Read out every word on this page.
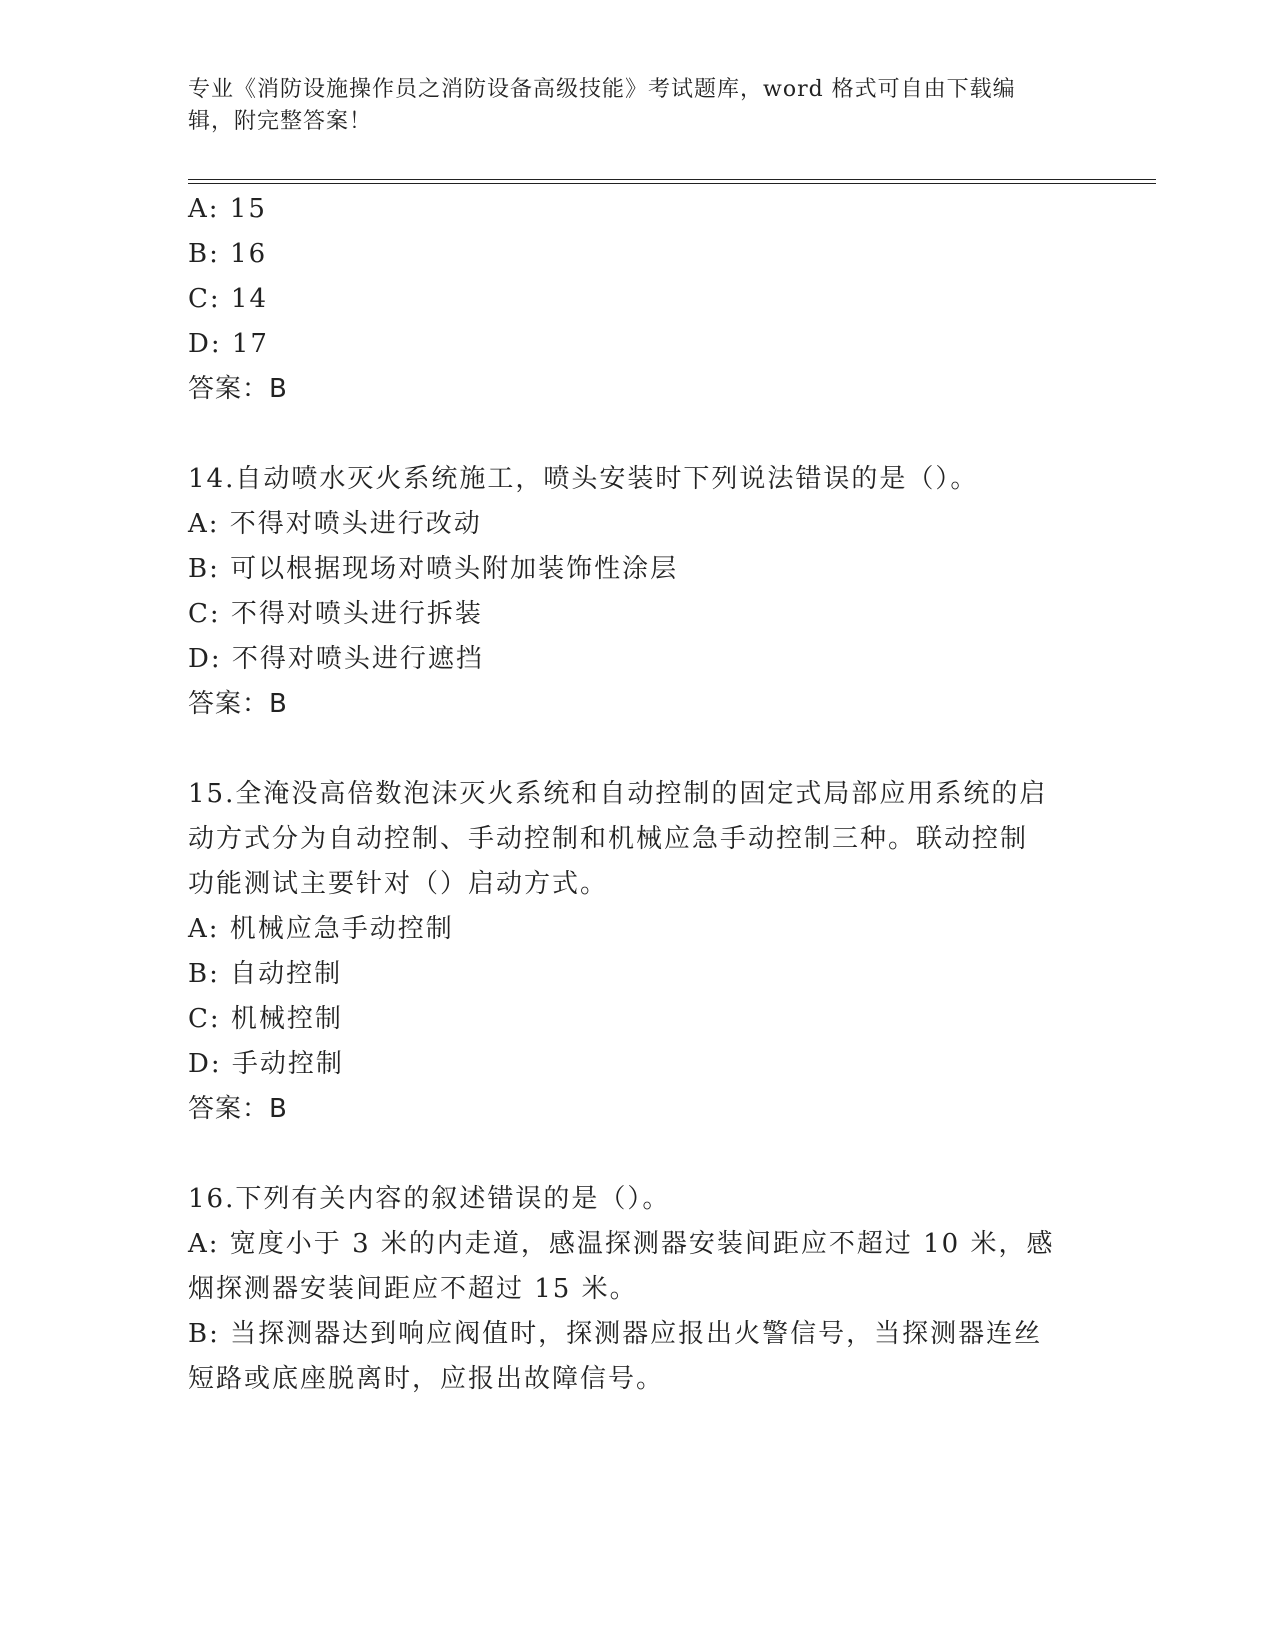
专业《消防设施操作员之消防设备高级技能》考试题库，word 格式可自由下载编
辑，附完整答案！
A: 15
B: 16
C: 14
D: 17
答案：B
14.自动喷水灭火系统施工，喷头安装时下列说法错误的是（）。
A: 不得对喷头进行改动
B: 可以根据现场对喷头附加装饰性涂层
C: 不得对喷头进行拆装
D: 不得对喷头进行遮挡
答案：B
15.全淹没高倍数泡沫灭火系统和自动控制的固定式局部应用系统的启
动方式分为自动控制、手动控制和机械应急手动控制三种。联动控制
功能测试主要针对（）启动方式。
A: 机械应急手动控制
B: 自动控制
C: 机械控制
D: 手动控制
答案：B
16.下列有关内容的叙述错误的是（）。
A: 宽度小于 3 米的内走道，感温探测器安装间距应不超过 10 米，感
烟探测器安装间距应不超过 15 米。
B: 当探测器达到响应阀值时，探测器应报出火警信号，当探测器连丝
短路或底座脱离时，应报出故障信号。
